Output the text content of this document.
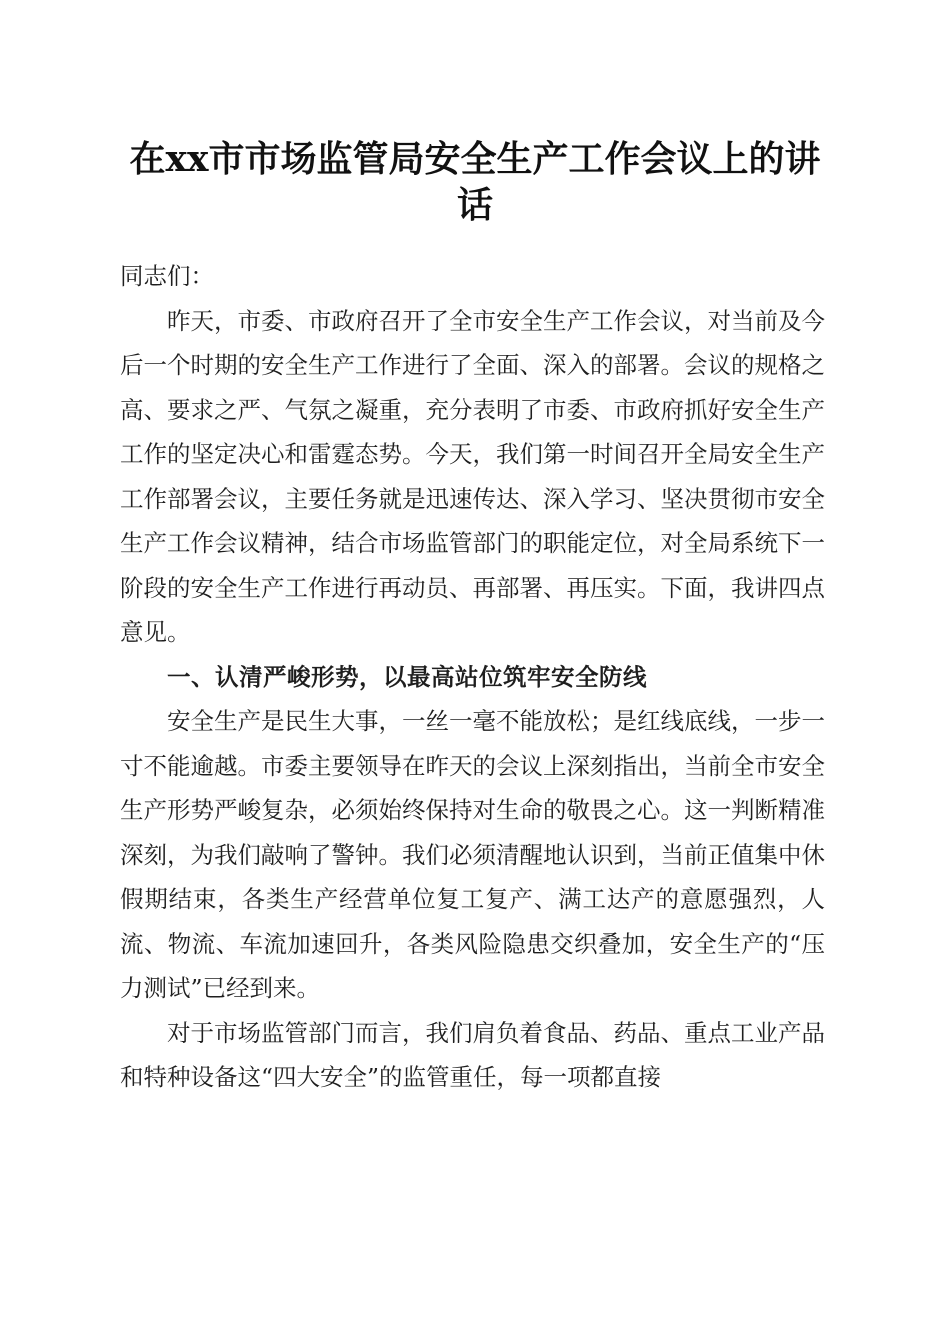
在xx市市场监管局安全生产工作会议上的讲话

同志们：

昨天，市委、市政府召开了全市安全生产工作会议，对当前及今后一个时期的安全生产工作进行了全面、深入的部署。会议的规格之高、要求之严、气氛之凝重，充分表明了市委、市政府抓好安全生产工作的坚定决心和雷霆态势。今天，我们第一时间召开全局安全生产工作部署会议，主要任务就是迅速传达、深入学习、坚决贯彻市安全生产工作会议精神，结合市场监管部门的职能定位，对全局系统下一阶段的安全生产工作进行再动员、再部署、再压实。下面，我讲四点意见。

一、认清严峻形势，以最高站位筑牢安全防线

安全生产是民生大事，一丝一毫不能放松；是红线底线，一步一寸不能逾越。市委主要领导在昨天的会议上深刻指出，当前全市安全生产形势严峻复杂，必须始终保持对生命的敬畏之心。这一判断精准深刻，为我们敲响了警钟。我们必须清醒地认识到，当前正值集中休假期结束，各类生产经营单位复工复产、满工达产的意愿强烈，人流、物流、车流加速回升，各类风险隐患交织叠加，安全生产的“压力测试”已经到来。

对于市场监管部门而言，我们肩负着食品、药品、重点工业产品和特种设备这“四大安全”的监管重任，每一项都直接
